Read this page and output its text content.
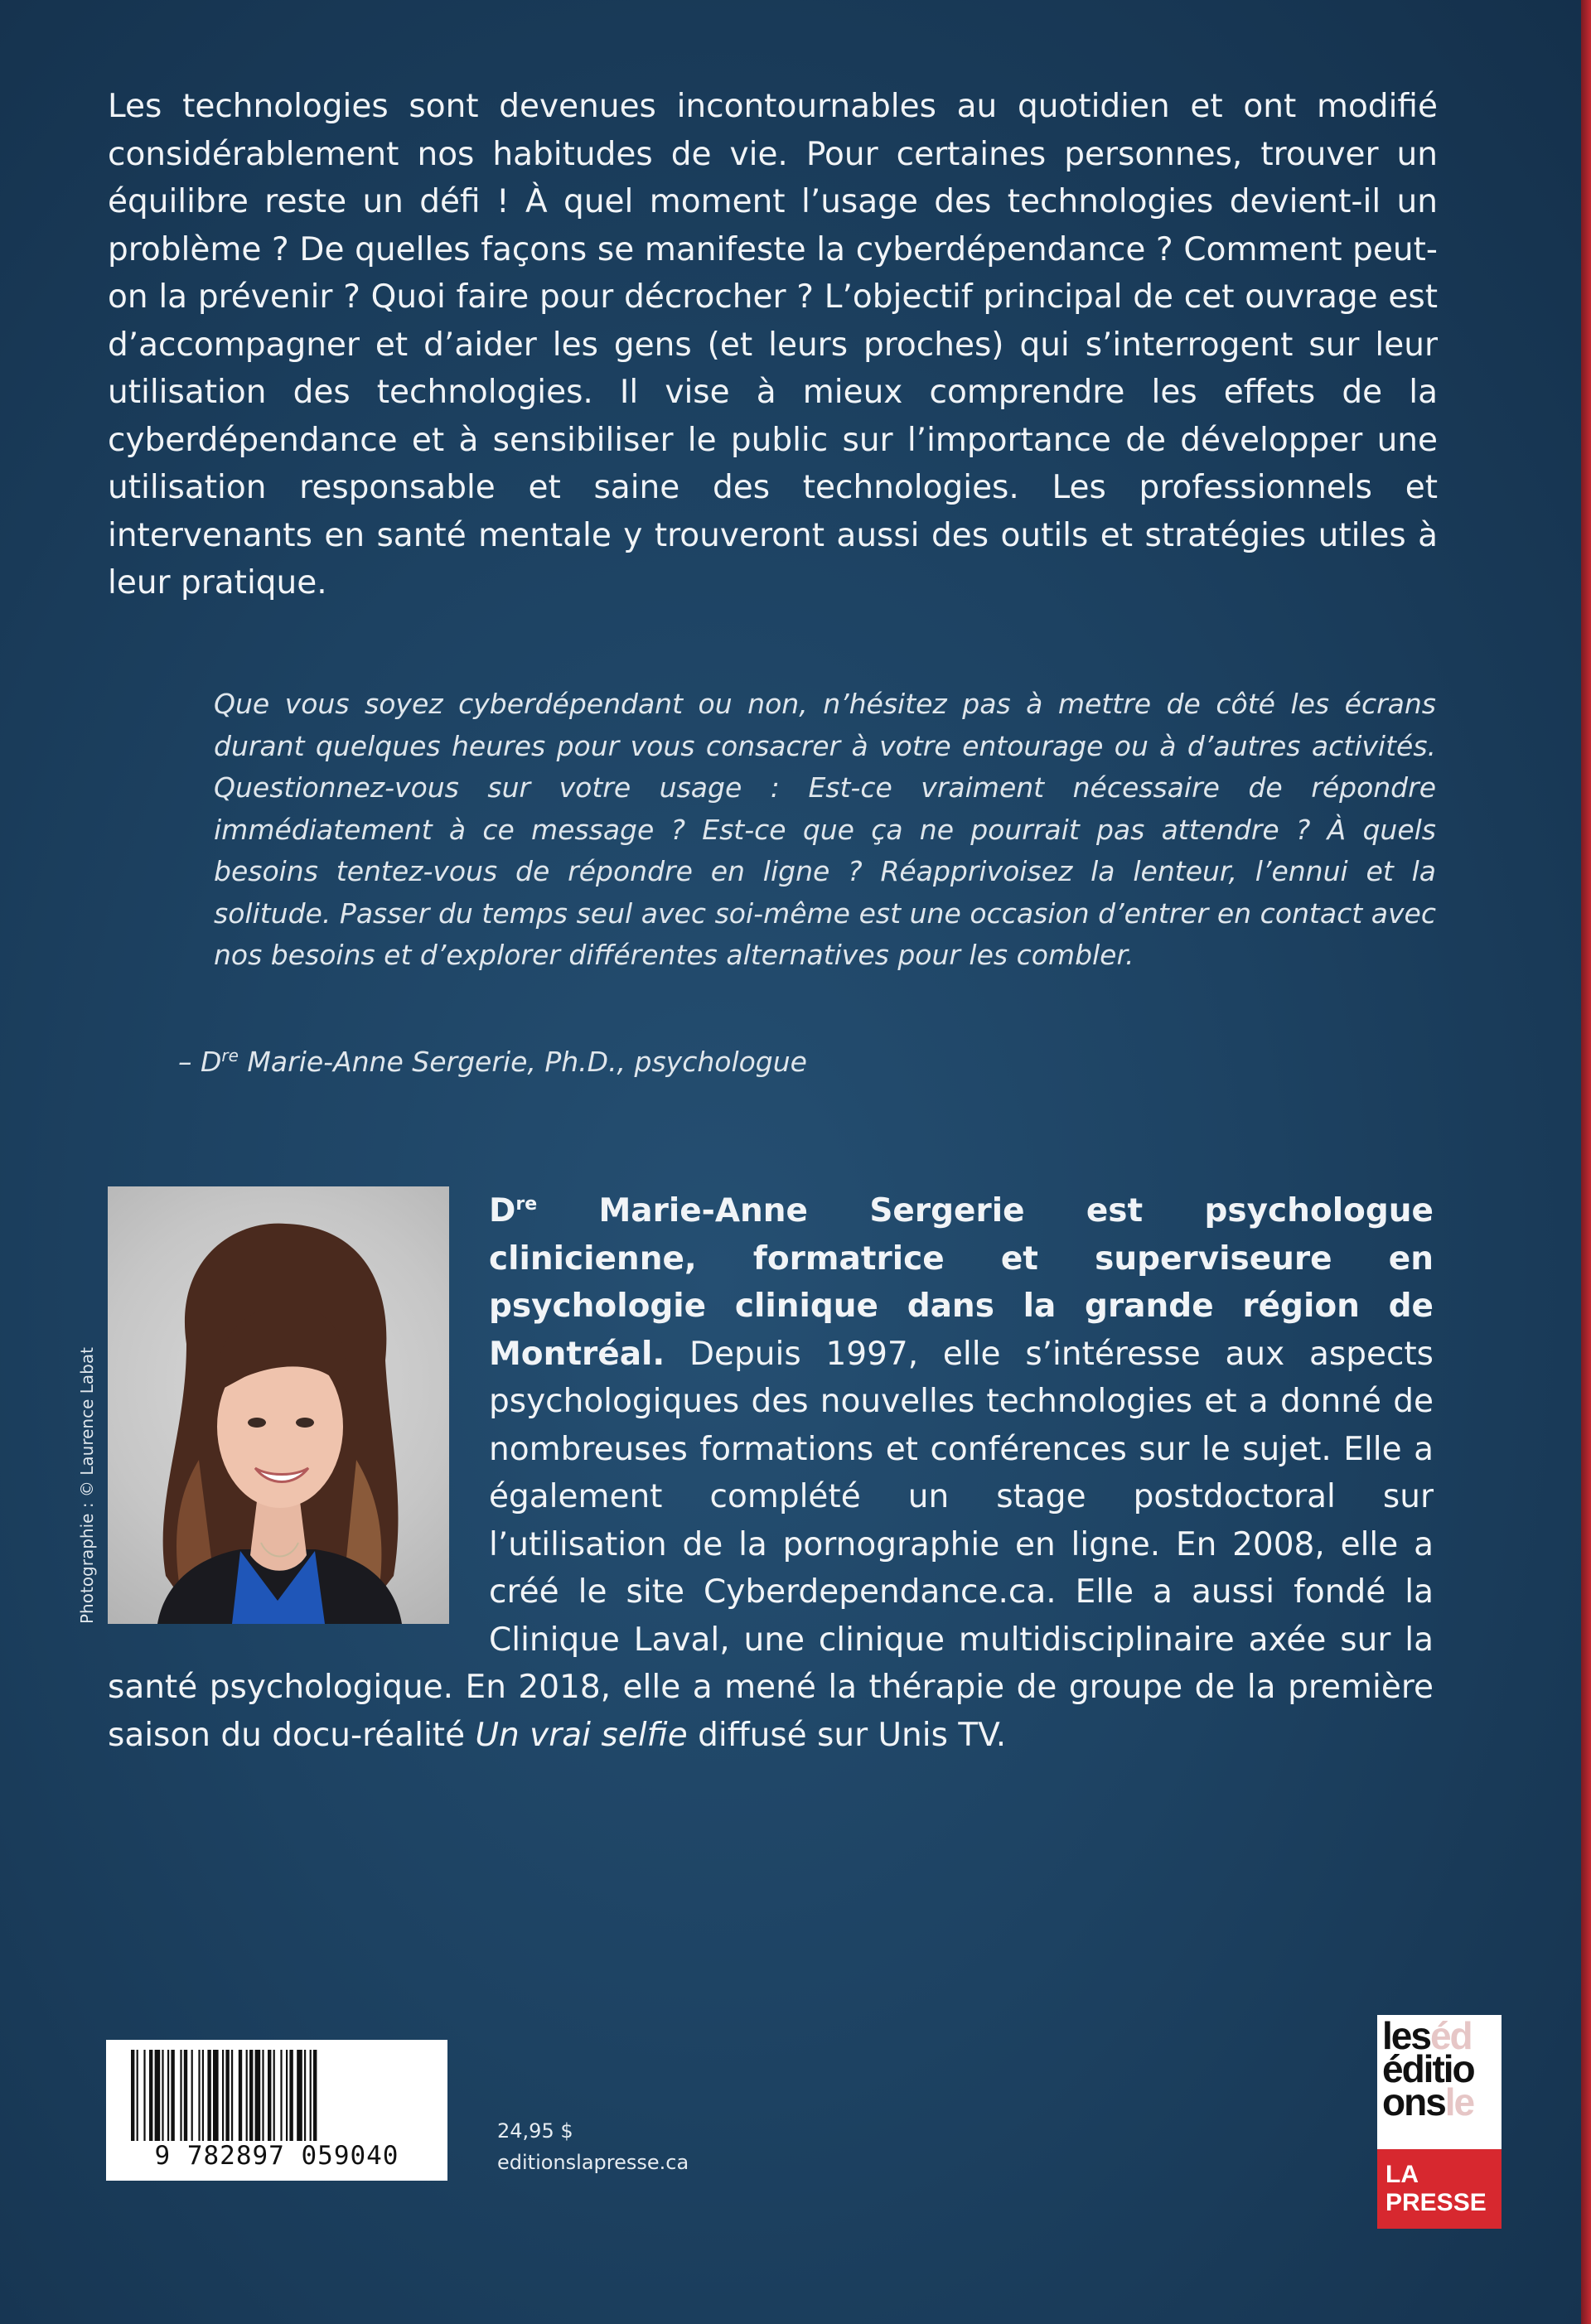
Les technologies sont devenues incontournables au quotidien et ont modifié considérablement nos habitudes de vie. Pour certaines personnes, trouver un équilibre reste un défi ! À quel moment l’usage des technologies devient-il un problème ? De quelles façons se manifeste la cyberdépendance ? Comment peut-on la prévenir ? Quoi faire pour décrocher ? L’objectif principal de cet ouvrage est d’accompagner et d’aider les gens (et leurs proches) qui s’interrogent sur leur utilisation des technologies. Il vise à mieux comprendre les effets de la cyberdépendance et à sensibiliser le public sur l’importance de développer une utilisation responsable et saine des technologies. Les professionnels et intervenants en santé mentale y trouveront aussi des outils et stratégies utiles à leur pratique.

Que vous soyez cyberdépendant ou non, n’hésitez pas à mettre de côté les écrans durant quelques heures pour vous consacrer à votre entourage ou à d’autres activités. Questionnez-vous sur votre usage : Est-ce vraiment nécessaire de répondre immédiatement à ce message ? Est-ce que ça ne pourrait pas attendre ? À quels besoins tentez-vous de répondre en ligne ? Réapprivoisez la lenteur, l’ennui et la solitude. Passer du temps seul avec soi-même est une occasion d’entrer en contact avec nos besoins et d’explorer différentes alternatives pour les combler.

– Dre Marie-Anne Sergerie, Ph.D., psychologue

Dre Marie-Anne Sergerie est psychologue clinicienne, formatrice et superviseure en psychologie clinique dans la grande région de Montréal. Depuis 1997, elle s’intéresse aux aspects psychologiques des nouvelles technologies et a donné de nombreuses formations et conférences sur le sujet. Elle a également complété un stage postdoctoral sur l’utilisation de la pornographie en ligne. En 2008, elle a créé le site Cyberdependance.ca. Elle a aussi fondé la Clinique Laval, une clinique multidisciplinaire axée sur la santé psychologique. En 2018, elle a mené la thérapie de groupe de la première saison du docu-réalité Un vrai selfie diffusé sur Unis TV.

Photographie : © Laurence Labat
9 782897 059040
24,95 $
editionslapresse.ca
leséd
éditio
onsle
LA
PRESSE
